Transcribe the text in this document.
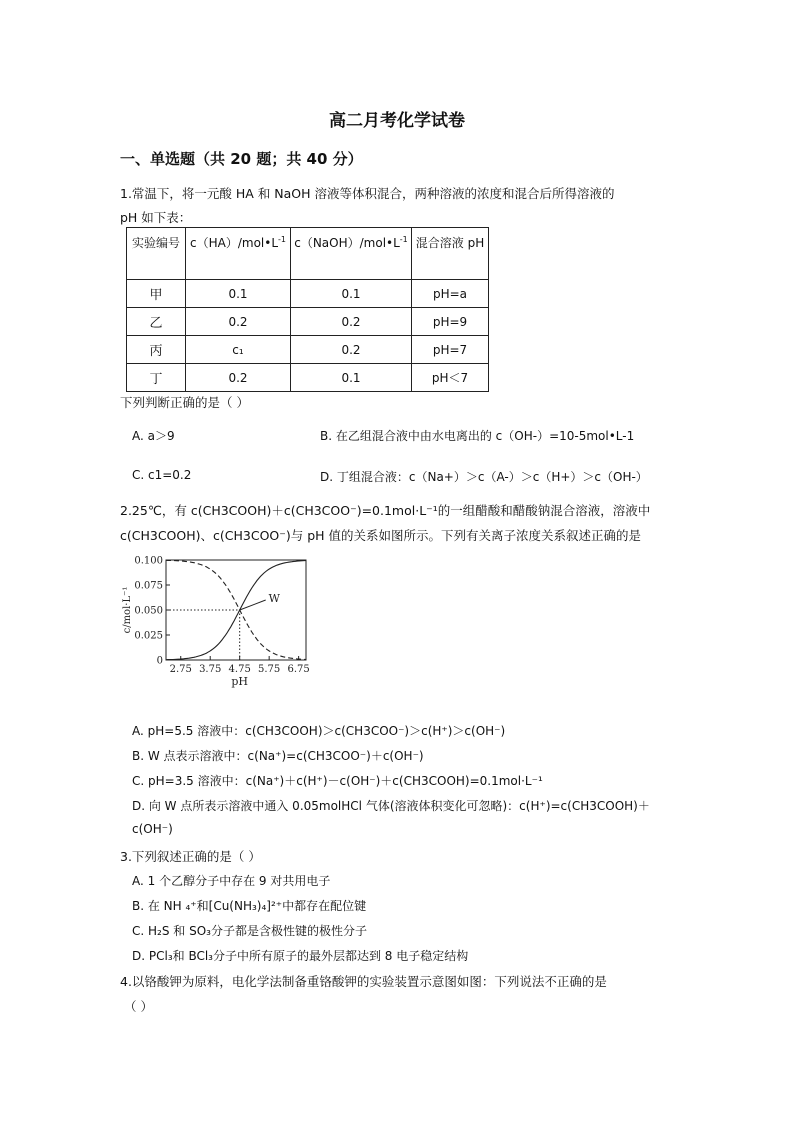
高二月考化学试卷
一、单选题（共 20 题；共 40 分）
1.常温下，将一元酸 HA 和 NaOH 溶液等体积混合，两种溶液的浓度和混合后所得溶液的
pH 如下表：
实验编号	$c(HA)/mol•L^{-1}$	$c(NaOH)/mol•L^{-1}$	混合溶液 pH
甲	0.1	0.1	pH=a
乙	0.2	0.2	pH=9
丙	c₁	0.2	pH=7
丁	0.2	0.1	pH＜7
下列判断正确的是（ ）
A. a＞9	B. 在乙组混合液中由水电离出的 c（OH-）=10-5mol•L-1
C. c1=0.2	D. 丁组混合液：c（Na+）＞c（A-）＞c（H+）＞c（OH-）
2.25℃，有 c(CH3COOH)＋c(CH3COO⁻)=0.1mol·L⁻¹的一组醋酸和醋酸钠混合溶液，溶液中
c(CH3COOH)、c(CH3COO⁻)与 pH 值的关系如图所示。下列有关离子浓度关系叙述正确的是
0
0.025
0.050
0.075
0.100
2.75 3.75 4.75 5.75 6.75
pH
c/mol·L⁻¹	W
A. pH=5.5 溶液中：c(CH3COOH)＞c(CH3COO⁻)＞c(H⁺)＞c(OH⁻)
B. W 点表示溶液中：c(Na⁺)=c(CH3COO⁻)＋c(OH⁻)
C. pH=3.5 溶液中：c(Na⁺)＋c(H⁺)－c(OH⁻)＋c(CH3COOH)=0.1mol·L⁻¹
D. 向 W 点所表示溶液中通入 0.05molHCl 气体(溶液体积变化可忽略)：c(H⁺)=c(CH3COOH)＋
c(OH⁻)
3.下列叙述正确的是（ ）
A. 1 个乙醇分子中存在 9 对共用电子
B. 在 NH ₄⁺和[Cu(NH₃)₄]²⁺中都存在配位键
C. H₂S 和 SO₃分子都是含极性键的极性分子
D. PCl₃和 BCl₃分子中所有原子的最外层都达到 8 电子稳定结构
4.以铬酸钾为原料，电化学法制备重铬酸钾的实验装置示意图如图：下列说法不正确的是
（ ）
